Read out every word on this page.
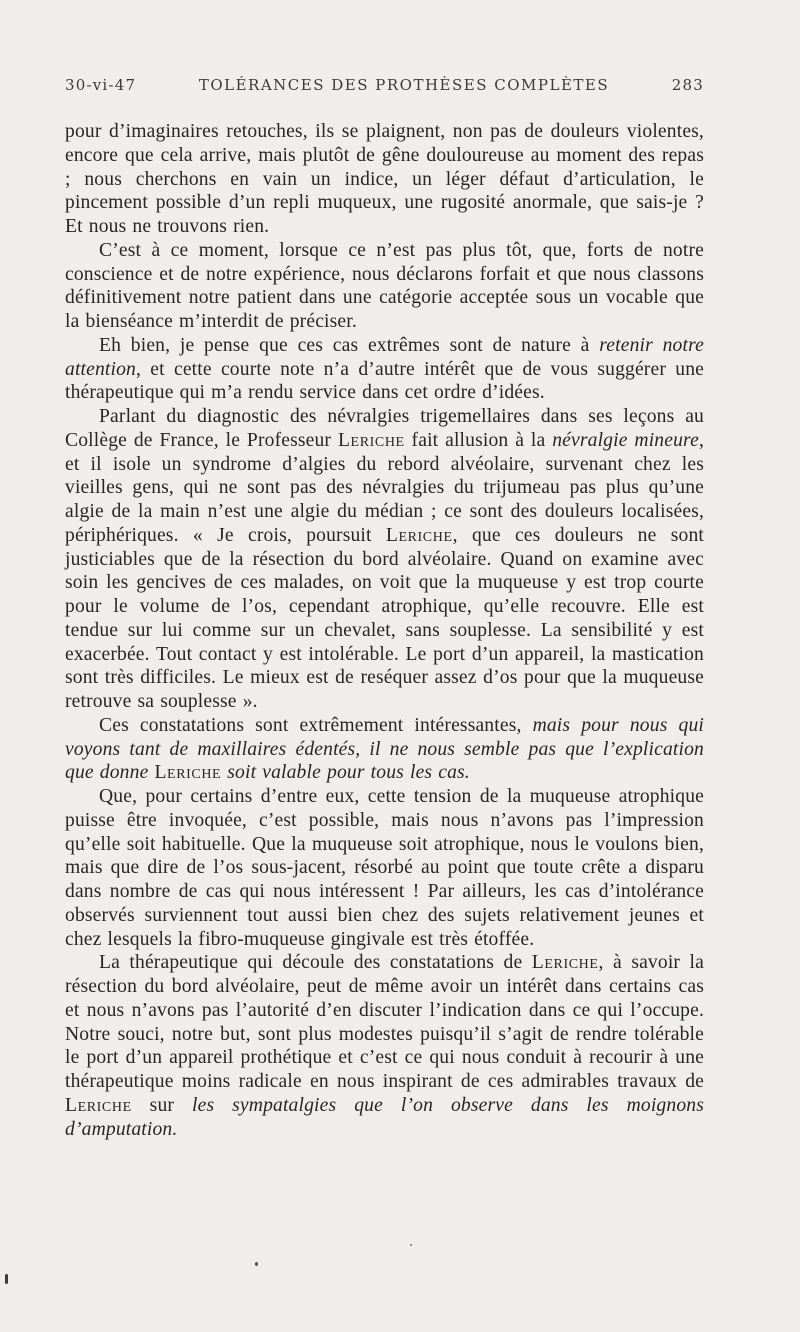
30-vi-47	TOLÉRANCES DES PROTHÈSES COMPLÈTES	283

pour d’imaginaires retouches, ils se plaignent, non pas de douleurs violentes, encore que cela arrive, mais plutôt de gêne douloureuse au moment des repas ; nous cherchons en vain un indice, un léger défaut d’articulation, le pincement possible d’un repli muqueux, une rugosité anormale, que sais-je ? Et nous ne trouvons rien.

C’est à ce moment, lorsque ce n’est pas plus tôt, que, forts de notre conscience et de notre expérience, nous déclarons forfait et que nous classons définitivement notre patient dans une catégorie acceptée sous un vocable que la bienséance m’interdit de préciser.

Eh bien, je pense que ces cas extrêmes sont de nature à retenir notre attention, et cette courte note n’a d’autre intérêt que de vous suggérer une thérapeutique qui m’a rendu service dans cet ordre d’idées.

Parlant du diagnostic des névralgies trigemellaires dans ses leçons au Collège de France, le Professeur Leriche fait allusion à la névralgie mineure, et il isole un syndrome d’algies du rebord alvéolaire, survenant chez les vieilles gens, qui ne sont pas des névralgies du trijumeau pas plus qu’une algie de la main n’est une algie du médian ; ce sont des douleurs localisées, périphériques. « Je crois, poursuit Leriche, que ces douleurs ne sont justiciables que de la résection du bord alvéolaire. Quand on examine avec soin les gencives de ces malades, on voit que la muqueuse y est trop courte pour le volume de l’os, cependant atrophique, qu’elle recouvre. Elle est tendue sur lui comme sur un chevalet, sans souplesse. La sensibilité y est exacerbée. Tout contact y est intolérable. Le port d’un appareil, la mastication sont très difficiles. Le mieux est de reséquer assez d’os pour que la muqueuse retrouve sa souplesse ».

Ces constatations sont extrêmement intéressantes, mais pour nous qui voyons tant de maxillaires édentés, il ne nous semble pas que l’explication que donne Leriche soit valable pour tous les cas.

Que, pour certains d’entre eux, cette tension de la muqueuse atrophique puisse être invoquée, c’est possible, mais nous n’avons pas l’impression qu’elle soit habituelle. Que la muqueuse soit atrophique, nous le voulons bien, mais que dire de l’os sous-jacent, résorbé au point que toute crête a disparu dans nombre de cas qui nous intéressent ! Par ailleurs, les cas d’intolérance observés surviennent tout aussi bien chez des sujets relativement jeunes et chez lesquels la fibro-muqueuse gingivale est très étoffée.

La thérapeutique qui découle des constatations de Leriche, à savoir la résection du bord alvéolaire, peut de même avoir un intérêt dans certains cas et nous n’avons pas l’autorité d’en discuter l’indication dans ce qui l’occupe. Notre souci, notre but, sont plus modestes puisqu’il s’agit de rendre tolérable le port d’un appareil prothétique et c’est ce qui nous conduit à recourir à une thérapeutique moins radicale en nous inspirant de ces admirables travaux de Leriche sur les sympatalgies que l’on observe dans les moignons d’amputation.
